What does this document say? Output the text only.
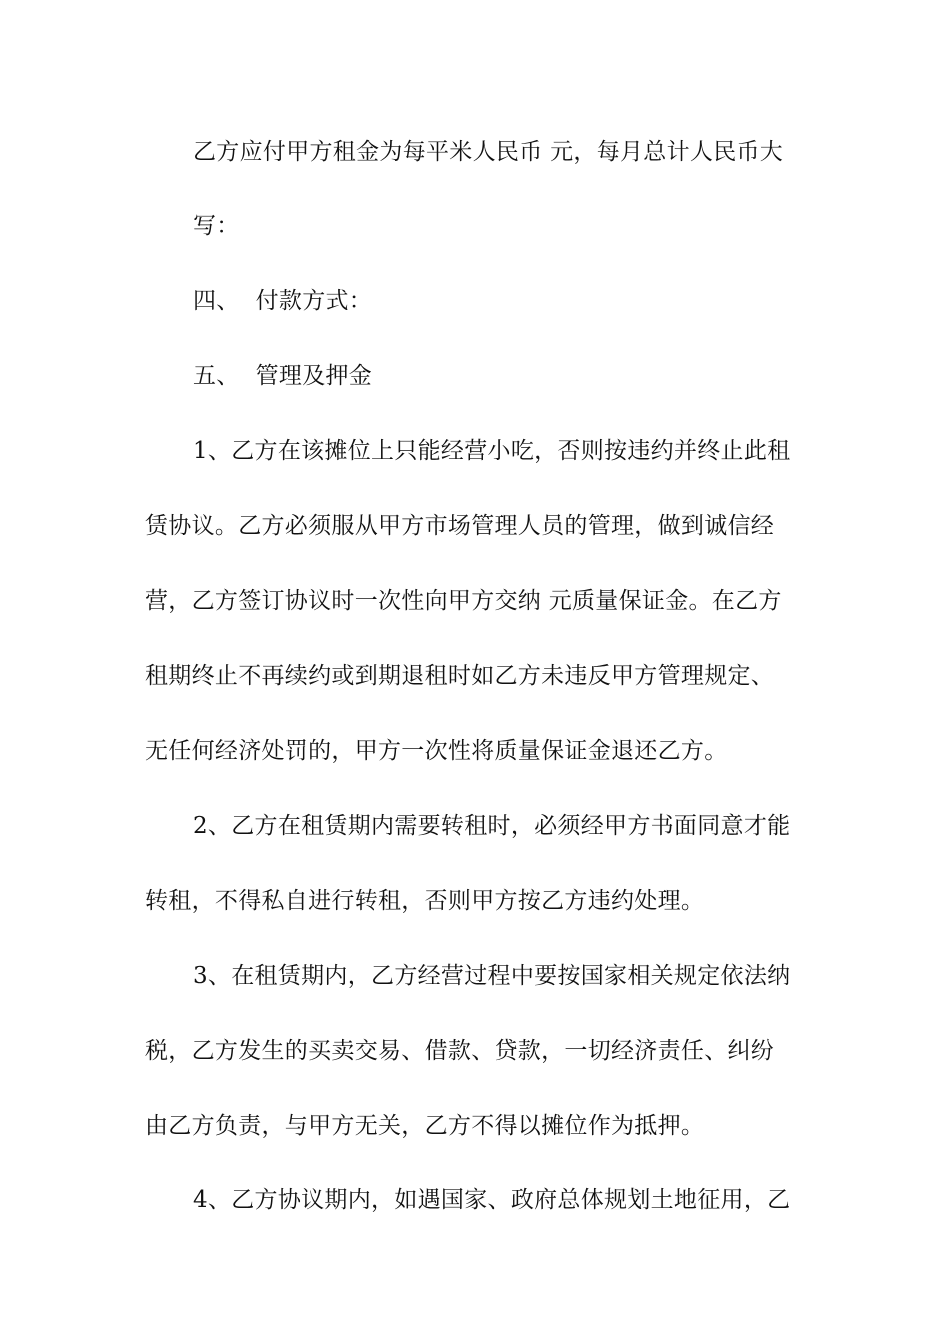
乙方应付甲方租金为每平米人民币 元，每月总计人民币大
写：
四、 付款方式：
五、 管理及押金
1、乙方在该摊位上只能经营小吃，否则按违约并终止此租
赁协议。乙方必须服从甲方市场管理人员的管理，做到诚信经
营，乙方签订协议时一次性向甲方交纳 元质量保证金。在乙方
租期终止不再续约或到期退租时如乙方未违反甲方管理规定、
无任何经济处罚的，甲方一次性将质量保证金退还乙方。
2、乙方在租赁期内需要转租时，必须经甲方书面同意才能
转租，不得私自进行转租，否则甲方按乙方违约处理。
3、在租赁期内，乙方经营过程中要按国家相关规定依法纳
税，乙方发生的买卖交易、借款、贷款，一切经济责任、纠纷
由乙方负责，与甲方无关，乙方不得以摊位作为抵押。
4、乙方协议期内，如遇国家、政府总体规划土地征用，乙
